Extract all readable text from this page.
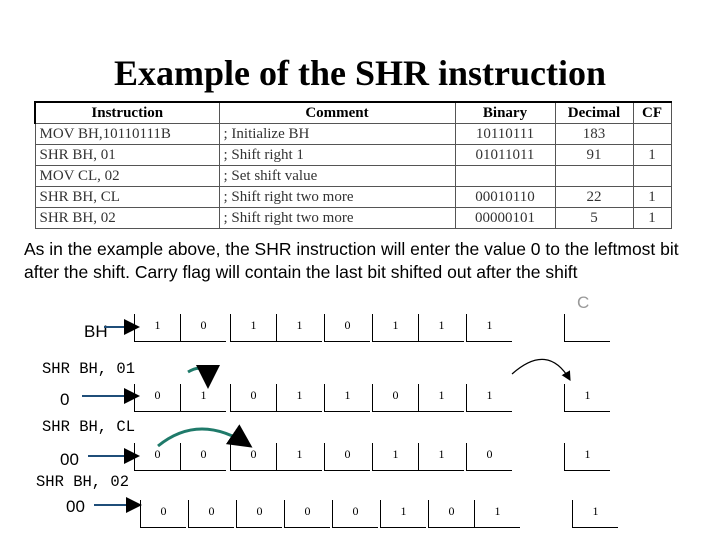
Example of the SHR instruction
Instruction	Comment	Binary	Decimal	CF
MOV BH,10110111B	; Initialize BH	10110111	183	
SHR BH, 01	; Shift right 1	01011011	91	1
MOV CL, 02	; Set shift value			
SHR BH, CL	; Shift right two more	00010110	22	1
SHR BH, 02	; Shift right two more	00000101	5	1
As in the example above, the SHR instruction will enter the value 0 to the leftmost bit after the shift. Carry flag will contain the last bit shifted out after the shift
C
BH
SHR BH, 01
0
SHR BH, CL
00
SHR BH, 02
00
1	0	1	1	0	1	1	1
0	1	0	1	1	0	1	1	1
0	0	0	1	0	1	1	0	1
0	0	0	0	0	1	0	1	1
